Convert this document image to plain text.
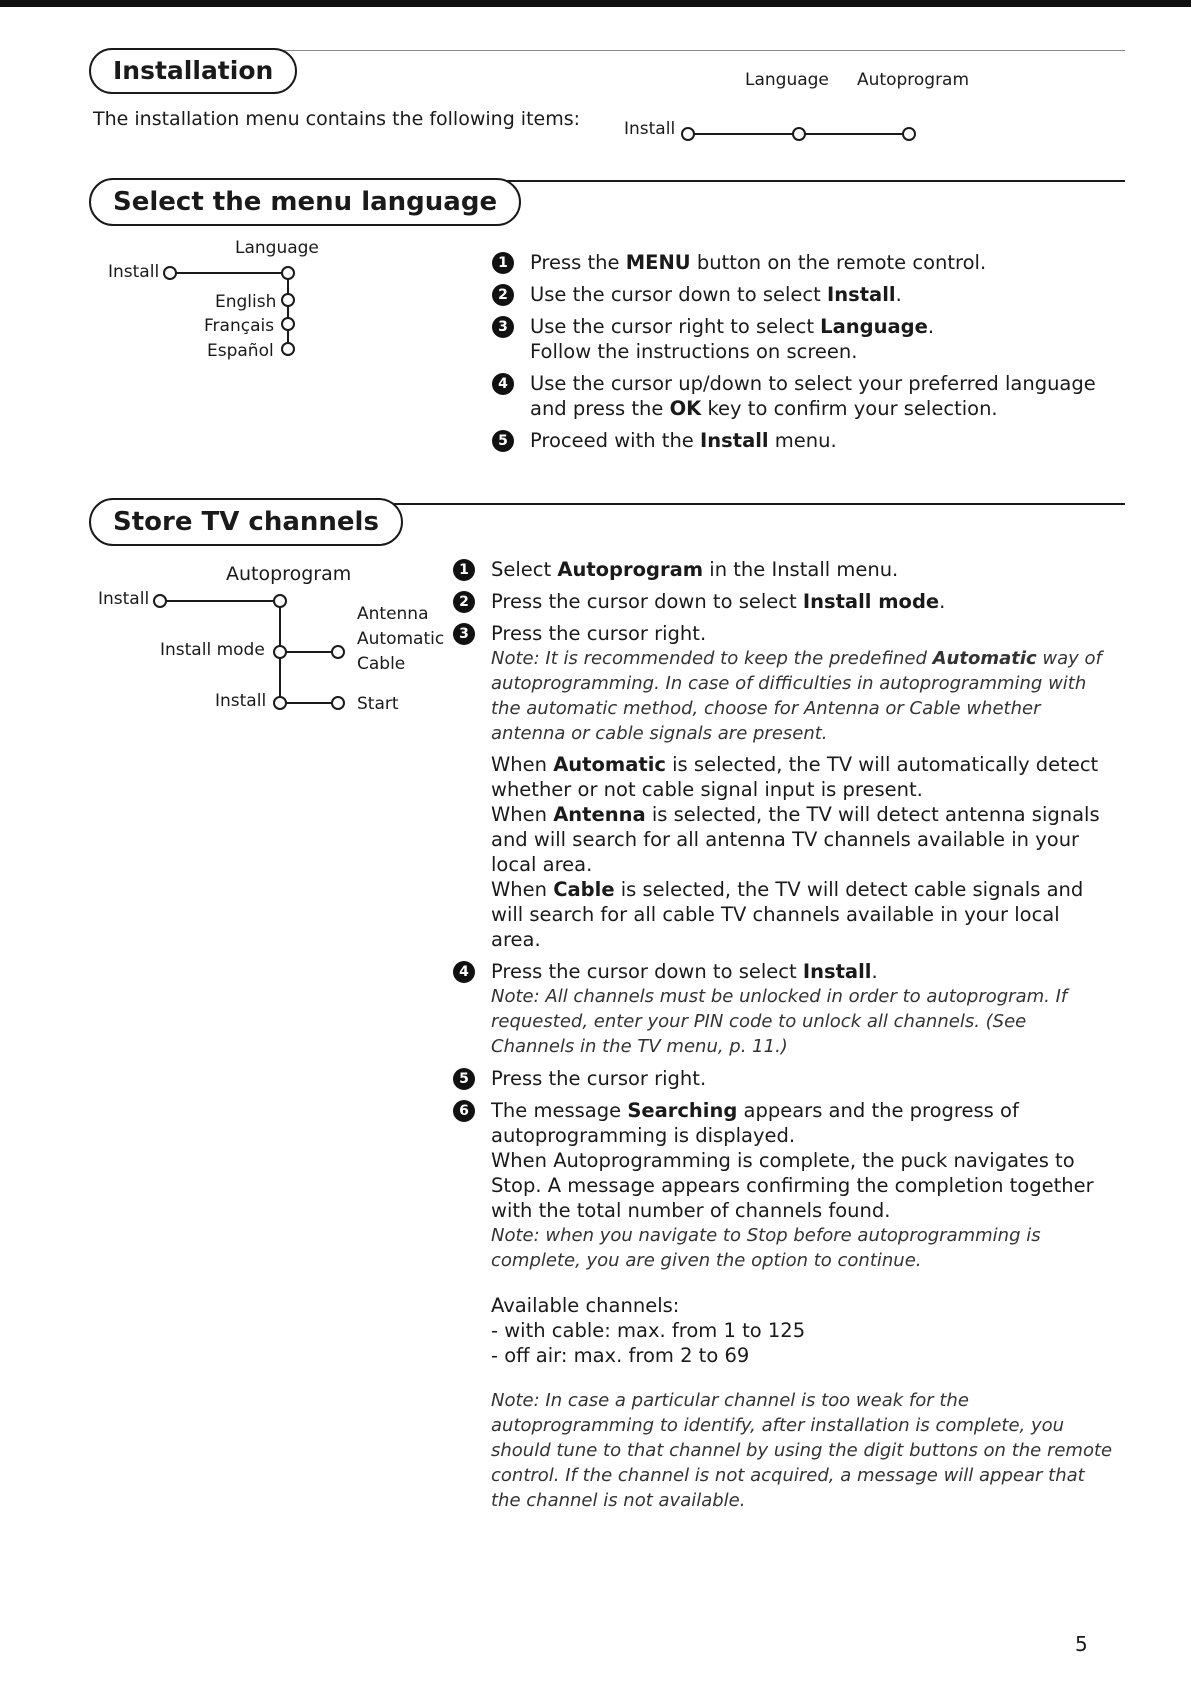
Installation
The installation menu contains the following items:
Language Autoprogram
Install
Select the menu language
Language
Install
English
Français
Español
1	Press the MENU button on the remote control.
2	Use the cursor down to select Install.
3	Use the cursor right to select Language.
Follow the instructions on screen.
4	Use the cursor up/down to select your preferred language and press the OK key to confirm your selection.
5	Proceed with the Install menu.
Store TV channels
Autoprogram
Install
Install mode
Install
Antenna
Automatic
Cable
Start
1	Select Autoprogram in the Install menu.
2	Press the cursor down to select Install mode.
3	Press the cursor right.
Note: It is recommended to keep the predefined Automatic way of autoprogramming. In case of difficulties in autoprogramming with the automatic method, choose for Antenna or Cable whether antenna or cable signals are present.
When Automatic is selected, the TV will automatically detect whether or not cable signal input is present.
When Antenna is selected, the TV will detect antenna signals and will search for all antenna TV channels available in your local area.
When Cable is selected, the TV will detect cable signals and will search for all cable TV channels available in your local area.
4	Press the cursor down to select Install.
Note: All channels must be unlocked in order to autoprogram. If requested, enter your PIN code to unlock all channels. (See Channels in the TV menu, p. 11.)
5	Press the cursor right.
6	The message Searching appears and the progress of autoprogramming is displayed.
When Autoprogramming is complete, the puck navigates to Stop. A message appears confirming the completion together with the total number of channels found.
Note: when you navigate to Stop before autoprogramming is complete, you are given the option to continue.
Available channels:
- with cable: max. from 1 to 125
- off air: max. from 2 to 69
Note: In case a particular channel is too weak for the autoprogramming to identify, after installation is complete, you should tune to that channel by using the digit buttons on the remote control. If the channel is not acquired, a message will appear that the channel is not available.
5
